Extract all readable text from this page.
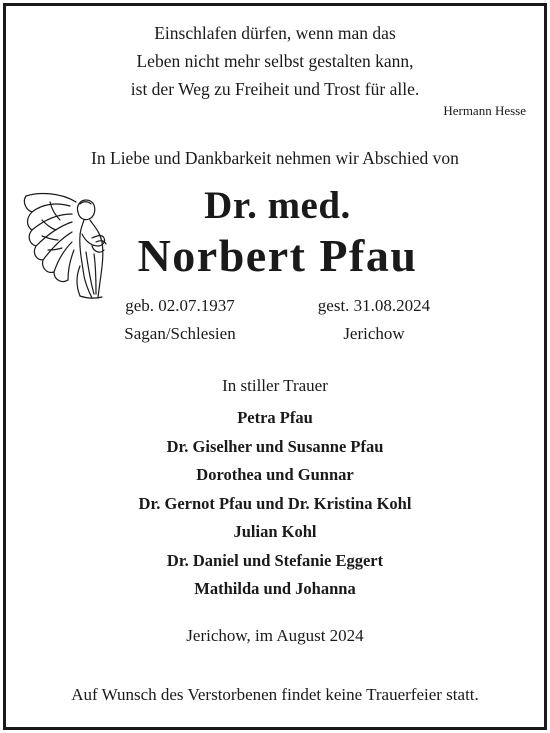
Einschlafen dürfen, wenn man das
Leben nicht mehr selbst gestalten kann,
ist der Weg zu Freiheit und Trost für alle.
Hermann Hesse
In Liebe und Dankbarkeit nehmen wir Abschied von
Dr. med.
Norbert Pfau
geb. 02.07.1937
Sagan/Schlesien
gest. 31.08.2024
Jerichow
In stiller Trauer
Petra Pfau
Dr. Giselher und Susanne Pfau
Dorothea und Gunnar
Dr. Gernot Pfau und Dr. Kristina Kohl
Julian Kohl
Dr. Daniel und Stefanie Eggert
Mathilda und Johanna
Jerichow, im August 2024
Auf Wunsch des Verstorbenen findet keine Trauerfeier statt.
